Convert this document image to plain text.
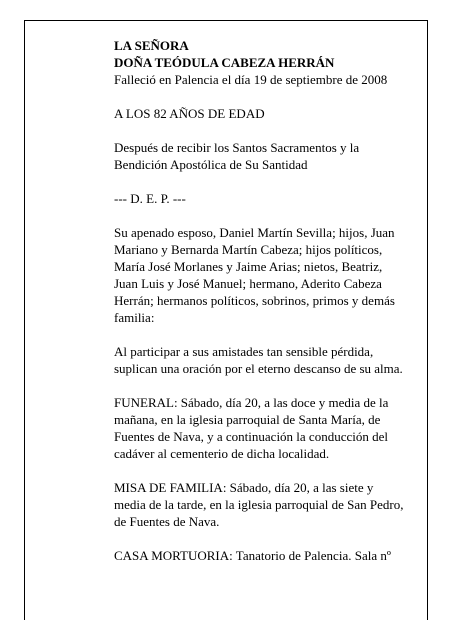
LA SEÑORA
DOÑA TEÓDULA CABEZA HERRÁN
Falleció en Palencia el día 19 de septiembre de 2008
A LOS 82 AÑOS DE EDAD
Después de recibir los Santos Sacramentos y la
Bendición Apostólica de Su Santidad
--- D. E. P. ---
Su apenado esposo, Daniel Martín Sevilla; hijos, Juan
Mariano y Bernarda Martín Cabeza; hijos políticos,
María José Morlanes y Jaime Arias; nietos, Beatriz,
Juan Luis y José Manuel; hermano, Aderito Cabeza
Herrán; hermanos políticos, sobrinos, primos y demás
familia:
Al participar a sus amistades tan sensible pérdida,
suplican una oración por el eterno descanso de su alma.
FUNERAL: Sábado, día 20, a las doce y media de la
mañana, en la iglesia parroquial de Santa María, de
Fuentes de Nava, y a continuación la conducción del
cadáver al cementerio de dicha localidad.
MISA DE FAMILIA: Sábado, día 20, a las siete y
media de la tarde, en la iglesia parroquial de San Pedro,
de Fuentes de Nava.
CASA MORTUORIA: Tanatorio de Palencia. Sala nº
